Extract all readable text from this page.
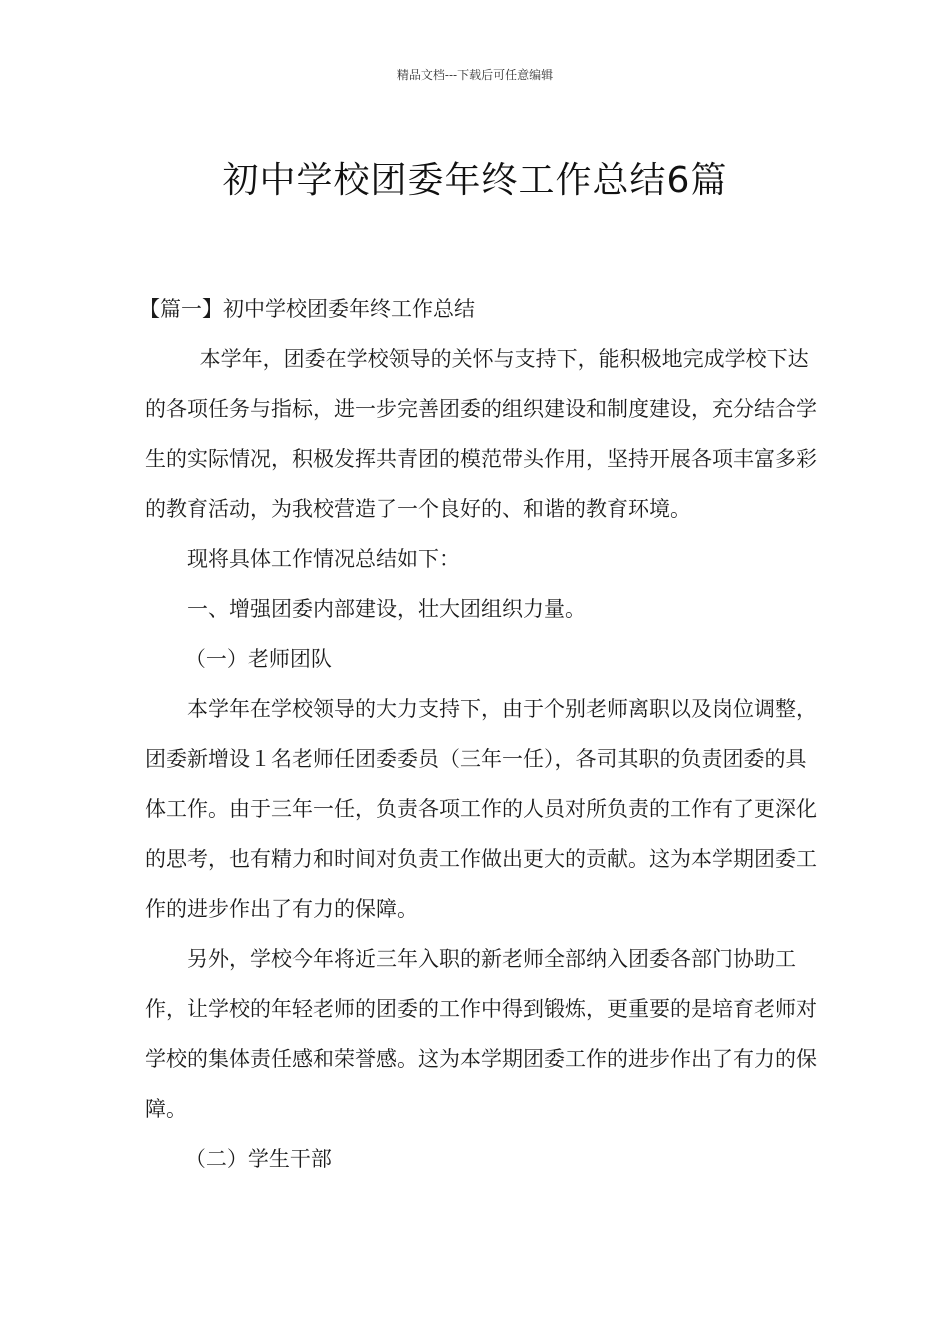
精品文档---下载后可任意编辑
初中学校团委年终工作总结6篇

【篇一】初中学校团委年终工作总结

本学年，团委在学校领导的关怀与支持下，能积极地完成学校下达的各项任务与指标，进一步完善团委的组织建设和制度建设，充分结合学生的实际情况，积极发挥共青团的模范带头作用，坚持开展各项丰富多彩的教育活动，为我校营造了一个良好的、和谐的教育环境。

现将具体工作情况总结如下：

一、增强团委内部建设，壮大团组织力量。

（一）老师团队

本学年在学校领导的大力支持下，由于个别老师离职以及岗位调整，团委新增设１名老师任团委委员（三年一任），各司其职的负责团委的具体工作。由于三年一任，负责各项工作的人员对所负责的工作有了更深化的思考，也有精力和时间对负责工作做出更大的贡献。这为本学期团委工作的进步作出了有力的保障。

另外，学校今年将近三年入职的新老师全部纳入团委各部门协助工作，让学校的年轻老师的团委的工作中得到锻炼，更重要的是培育老师对学校的集体责任感和荣誉感。这为本学期团委工作的进步作出了有力的保障。

（二）学生干部
